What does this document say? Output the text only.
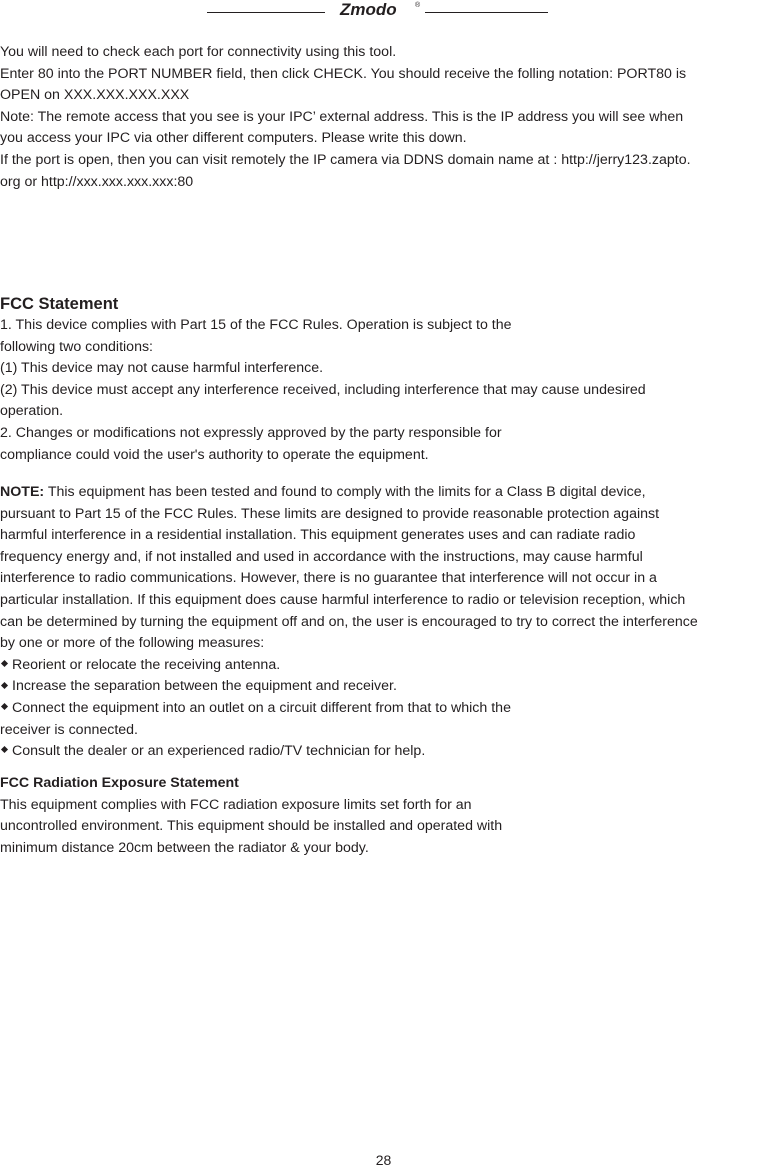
Zmodo	®
You will need to check each port for connectivity using this tool.
Enter 80 into the PORT NUMBER field, then click CHECK. You should receive the folling notation: PORT80 is
OPEN on XXX.XXX.XXX.XXX
Note: The remote access that you see is your IPC’ external address. This is the IP address you will see when
you access your IPC via other different computers. Please write this down.
If the port is open, then you can visit remotely the IP camera via DDNS domain name at : http://jerry123.zapto.
org or http://xxx.xxx.xxx.xxx:80
FCC Statement
1. This device complies with Part 15 of the FCC Rules. Operation is subject to the
following two conditions:
(1) This device may not cause harmful interference.
(2) This device must accept any interference received, including interference that may cause undesired
operation.
2. Changes or modifications not expressly approved by the party responsible for
compliance could void the user's authority to operate the equipment.
NOTE: This equipment has been tested and found to comply with the limits for a Class B digital device,
pursuant to Part 15 of the FCC Rules. These limits are designed to provide reasonable protection against
harmful interference in a residential installation. This equipment generates uses and can radiate radio
frequency energy and, if not installed and used in accordance with the instructions, may cause harmful
interference to radio communications. However, there is no guarantee that interference will not occur in a
particular installation. If this equipment does cause harmful interference to radio or television reception, which
can be determined by turning the equipment off and on, the user is encouraged to try to correct the interference
by one or more of the following measures:
Reorient or relocate the receiving antenna.
Increase the separation between the equipment and receiver.
Connect the equipment into an outlet on a circuit different from that to which the
receiver is connected.
Consult the dealer or an experienced radio/TV technician for help.
FCC Radiation Exposure Statement
This equipment complies with FCC radiation exposure limits set forth for an
uncontrolled environment. This equipment should be installed and operated with
minimum distance 20cm between the radiator & your body.
28
